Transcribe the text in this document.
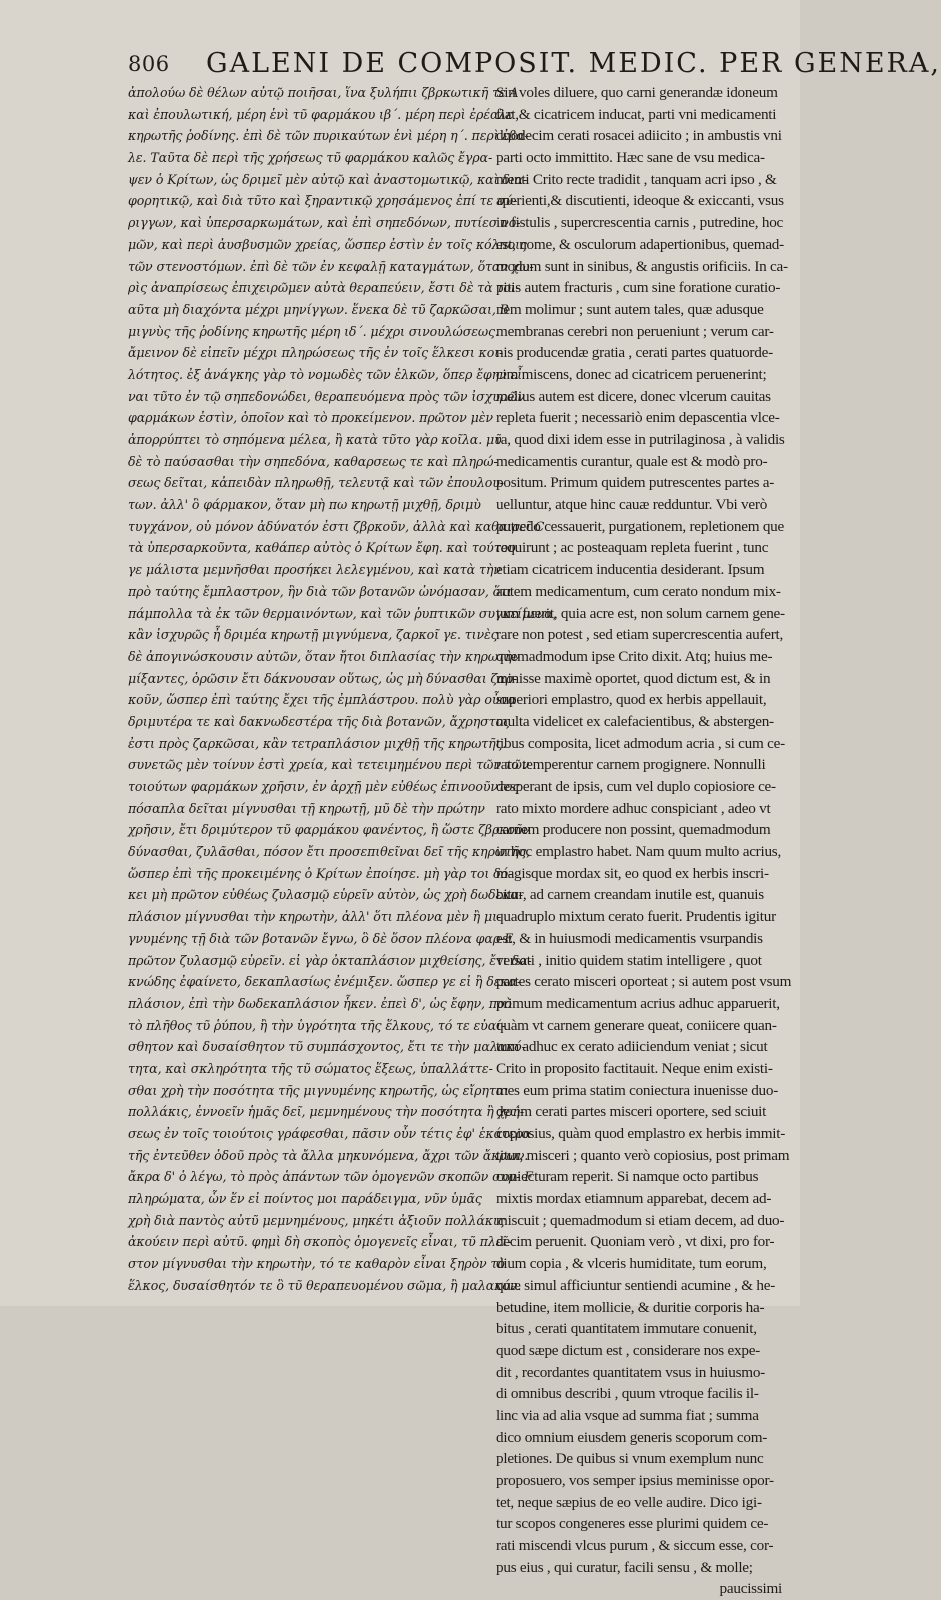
806 GALENI DE COMPOSIT. MEDIC. PER GENERA,
ἀπολούω δὲ θέλων αὐτῷ ποιῆσαι, ἵνα ξυλήπιι ζβρκωτικῆ τε A
καὶ ἐπουλωτική, μέρη ἑνὶ τῦ φαρμάκου ιβ΄. μέρη περὶ ἐρέαλε
κηρωτῆς ῥοδίνης. ἐπὶ δὲ τῶν πυρικαύτων ἑνὶ μέρη η΄. περὶ ἐβα-
λε. Ταῦτα δὲ περὶ τῆς χρήσεως τῦ φαρμάκου καλῶς ἔγρα-
ψεν ὁ Κρίτων, ὡς δριμεῖ μὲν αὐτῷ καὶ ἀναστομωτικῷ, καὶ δια-
φορητικῷ, καὶ διὰ τῦτο καὶ ξηραντικῷ χρησάμενος ἐπί τε σύ-
ριγγων, καὶ ὑπερσαρκωμάτων, καὶ ἐπὶ σηπεδόνων, πυτίεσ νο-
μῶν, καὶ περὶ ἀυσβυσμῶν χρείας, ὥσπερ ἐστὶν ἐν τοῖς κόλποις
τῶν στενοστόμων. ἐπὶ δὲ τῶν ἐν κεφαλῇ καταγμάτων, ὅταν χω-
ρὶς ἀναπρίσεως ἐπιχειρῶμεν αὐτὰ θεραπεύειν, ἔστι δὲ τὰ τοι-
αῦτα μὴ διαχόντα μέχρι μηνίγγων. ἕνεκα δὲ τῦ ζαρκῶσαι, B
μιγνὺς τῆς ῥοδίνης κηρωτῆς μέρη ιδ΄. μέχρι σινουλώσεως.
ἄμεινον δὲ εἰπεῖν μέχρι πληρώσεως τῆς ἐν τοῖς ἕλκεσι κοι-
λότητος. ἐξ ἀνάγκης γὰρ τὸ νομωδὲς τῶν ἑλκῶν, ὅπερ ἔφην εἶ
ναι τῦτο ἐν τῷ σηπεδονώδει, θεραπευόμενα πρὸς τῶν ἰσχυρῶν
φαρμάκων ἐστὶν, ὁποῖον καὶ τὸ προκείμενον. πρῶτον μὲν
ἀπορρύπτει τὸ σηπόμενα μέλεα, ἢ κατὰ τῦτο γὰρ κοῖλα. μῦ
δὲ τὸ παύσασθαι τὴν σηπεδόνα, καθαρσεως τε καὶ πληρώ-
σεως δεῖται, κἀπειδὰν πληρωθῇ, τελευτᾷ καὶ τῶν ἐπουλου-
των. ἀλλ' ὃ φάρμακον, ὅταν μὴ πω κηρωτῇ μιχθῇ, δριμὺ
τυγχάνον, οὐ μόνον ἀδύνατόν ἐστι ζβρκοῦν, ἀλλὰ καὶ καθαιρεῖ C
τὰ ὑπερσαρκοῦντα, καθάπερ αὐτὸς ὁ Κρίτων ἔφη. καὶ τούτου
γε μάλιστα μεμνῆσθαι προσήκει λελεγμένου, καὶ κατὰ τὴν
πρὸ ταύτης ἔμπλαστρον, ἣν διὰ τῶν βοτανῶν ὠνόμασαν, ὅτι
πάμπολλα τὰ ἐκ τῶν θερμαινόντων, καὶ τῶν ῥυπτικῶν συγκείμενα,
κἂν ἰσχυρῶς ἦ δριμέα κηρωτῇ μιγνύμενα, ζαρκοῖ γε. τινὲς
δὲ ἀπογινώσκουσιν αὐτῶν, ὅταν ἤτοι διπλασίας τὴν κηρωτὴν
μίξαντες, ὁρῶσιν ἔτι δάκνουσαν οὕτως, ὡς μὴ δύνασθαι ζαρ-
κοῦν, ὥσπερ ἐπὶ ταύτης ἔχει τῆς ἐμπλάστρου. πολὺ γὰρ οὖσα
δριμυτέρα τε καὶ δακνωδεστέρα τῆς διὰ βοτανῶν, ἄχρηστος
ἐστι πρὸς ζαρκῶσαι, κἂν τετραπλάσιον μιχθῇ τῆς κηρωτῆς.
συνετῶς μὲν τοίνυν ἐστὶ χρεία, καὶ τετειμημένου περὶ τῶν τῶν
τοιούτων φαρμάκων χρῆσιν, ἐν ἀρχῇ μὲν εὐθέως ἐπινοοῦντος
πόσαπλα δεῖται μίγνυσθαι τῇ κηρωτῇ, μῦ δὲ τὴν πρώτην
χρῆσιν, ἔτι δριμύτερον τῦ φαρμάκου φανέντος, ἢ ὥστε ζβρκοῦν
δύνασθαι, ζυλᾶσθαι, πόσον ἔτι προσεπιθεῖναι δεῖ τῆς κηρωτῆς,
ὥσπερ ἐπὶ τῆς προκειμένης ὁ Κρίτων ἐποίησε. μὴ γὰρ τοι δό-
κει μὴ πρῶτον εὐθέως ζυλασμῷ εὑρεῖν αὐτὸν, ὡς χρὴ δωδεκα-
πλάσιον μίγνυσθαι τὴν κηρωτὴν, ἀλλ' ὅτι πλέονα μὲν ἢ μι-
γνυμένης τῇ διὰ τῶν βοτανῶν ἔγνω, ὃ δὲ ὅσον πλέονα φαρ-Ε
πρῶτον ζυλασμῷ εὑρεῖν. εἰ γὰρ ὀκταπλάσιον μιχθείσης, ἔτι δα-
κνώδης ἐφαίνετο, δεκαπλασίως ἐνέμιξεν. ὥσπερ γε εἰ ἢ δεκα-
πλάσιον, ἐπὶ τὴν δωδεκαπλάσιον ἧκεν. ἐπεὶ δ', ὡς ἔφην, πρὸ
τὸ πλῆθος τῦ ῥύπου, ἢ τὴν ὑγρότητα τῆς ἕλκους, τό τε εὐαί-
σθητον καὶ δυσαίσθητον τῦ συμπάσχοντος, ἔτι τε τὴν μαλακό-
τητα, καὶ σκληρότητα τῆς τῦ σώματος ἕξεως, ὑπαλλάττε-
σθαι χρὴ τὴν ποσότητα τῆς μιγνυμένης κηρωτῆς, ὡς εἴρηται
πολλάκις, ἐννοεῖν ἡμᾶς δεῖ, μεμνημένους τὴν ποσότητα ἢ χρή-
σεως ἐν τοῖς τοιούτοις γράφεσθαι, πᾶσιν οὖν τέτις ἐφ' ἑκάτερα
τῆς ἐντεῦθεν ὁδοῦ πρὸς τὰ ἄλλα μηκυνόμενα, ἄχρι τῶν ἄκρων.
ἄκρα δ' ὁ λέγω, τὸ πρὸς ἁπάντων τῶν ὁμογενῶν σκοπῶν συμ- F
πληρώματα, ὧν ἕν εἰ ποίντος μοι παράδειγμα, νῦν ὑμᾶς
χρὴ διὰ παντὸς αὐτῦ μεμνημένους, μηκέτι ἀξιοῦν πολλάκις
ἀκούειν περὶ αὐτῦ. φημὶ δὴ σκοπὸς ὁμογενεῖς εἶναι, τῦ πλεῖ-
στον μίγνυσθαι τὴν κηρωτὴν, τό τε καθαρὸν εἶναι ξηρὸν τὸ
ἕλκος, δυσαίσθητόν τε ὃ τῦ θεραπευομένου σῶμα, ἢ μαλακόν.
Sin voles diluere, quo carni generandæ idoneum
fiat,& cicatricem inducat, parti vni medicamenti
duodecim cerati rosacei adiicito ; in ambustis vni
parti octo immittito. Hæc sane de vsu medica-
menti Crito recte tradidit , tanquam acri ipso , &
aperienti,& discutienti, ideoque & exiccanti, vsus
in fistulis , supercrescentia carnis , putredine, hoc
est, nome, & osculorum adapertionibus, quemad-
modum sunt in sinibus, & angustis orificiis. In ca-
pitis autem fracturis , cum sine foratione curatio-
nem molimur ; sunt autem tales, quæ adusque
membranas cerebri non perueniunt ; verum car-
nis producendæ gratia , cerati partes quatuorde-
cim miscens, donec ad cicatricem peruenerint;
melius autem est dicere, donec vlcerum cauitas
repleta fuerit ; necessariò enim depascentia vlce-
ra, quod dixi idem esse in putrilaginosa , à validis
medicamentis curantur, quale est & modò pro-
positum. Primum quidem putrescentes partes a-
uelluntur, atque hinc cauæ redduntur. Vbi verò
putredo cessauerit, purgationem, repletionem que
requirunt ; ac posteaquam repleta fuerint , tunc
etiam cicatricem inducentia desiderant. Ipsum
autem medicamentum, cum cerato nondum mix-
tum fuerit, quia acre est, non solum carnem gene-
rare non potest , sed etiam supercrescentia aufert,
quemadmodum ipse Crito dixit. Atq; huius me-
minisse maximè oportet, quod dictum est, & in
superiori emplastro, quod ex herbis appellauit,
multa videlicet ex calefacientibus, & abstergen-
tibus composita, licet admodum acria , si cum ce-
rato temperentur carnem progignere. Nonnulli
desperant de ipsis, cum vel duplo copiosiore ce-
rato mixto mordere adhuc conspiciant , adeo vt
carnem producere non possint, quemadmodum
in hoc emplastro habet. Nam quum multo acrius,
magisque mordax sit, eo quod ex herbis inscri-
bitur, ad carnem creandam inutile est, quanuis
quadruplo mixtum cerato fuerit. Prudentis igitur
est, & in huiusmodi medicamentis vsurpandis
versati , initio quidem statim intelligere , quot
partes cerato misceri oporteat ; si autem post vsum
primum medicamentum acrius adhuc apparuerit,
quàm vt carnem generare queat, coniicere quan-
tum adhuc ex cerato adiiciendum veniat ; sicut
Crito in proposito factitauit. Neque enim existi-
mes eum prima statim coniectura inuenisse duo-
decim cerati partes misceri oportere, sed sciuit
copiosius, quàm quod emplastro ex herbis immit-
titur, misceri ; quanto verò copiosius, post primam
coniecturam reperit. Si namque octo partibus
mixtis mordax etiamnum apparebat, decem ad-
miscuit ; quemadmodum si etiam decem, ad duo-
decim peruenit. Quoniam verò , vt dixi, pro for-
dium copia , & vlceris humiditate, tum eorum,
quæ simul afficiuntur sentiendi acumine , & he-
betudine, item mollicie, & duritie corporis ha-
bitus , cerati quantitatem immutare conuenit,
quod sæpe dictum est , considerare nos expe-
dit , recordantes quantitatem vsus in huiusmo-
di omnibus describi , quum vtroque facilis il-
linc via ad alia vsque ad summa fiat ; summa
dico omnium eiusdem generis scoporum com-
pletiones. De quibus si vnum exemplum nunc
proposuero, vos semper ipsius meminisse opor-
tet, neque sæpius de eo velle audire. Dico igi-
tur scopos congeneres esse plurimi quidem ce-
rati miscendi vlcus purum , & siccum esse, cor-
pus eius , qui curatur, facili sensu , & molle;
paucissimi
